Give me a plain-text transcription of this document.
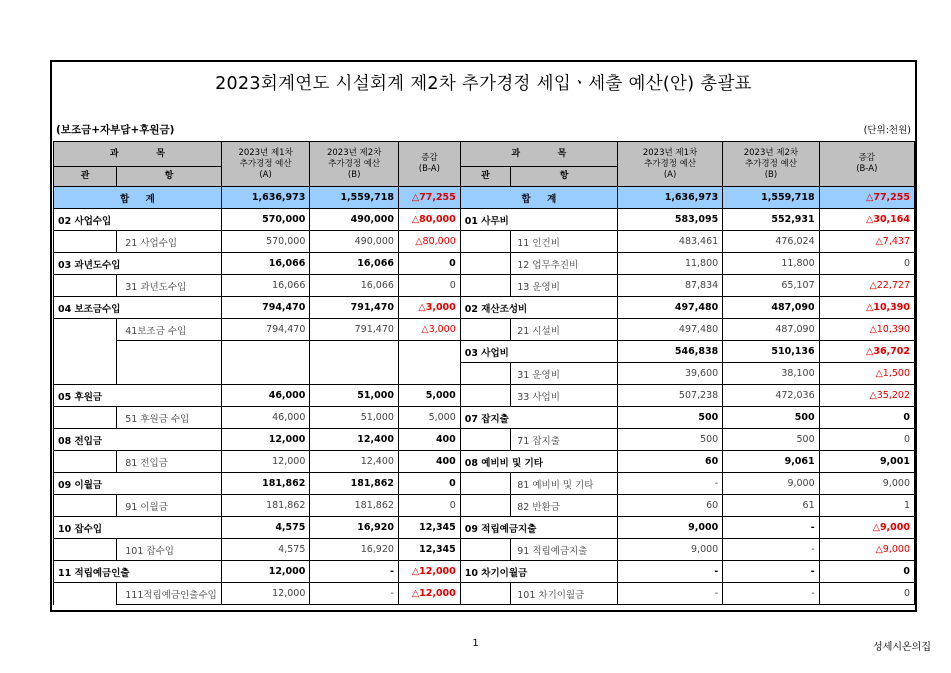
2023회계연도 시설회계 제2차 추가경정 세입ㆍ세출 예산(안) 총괄표
(보조금+자부담+후원금)	(단위:천원)
과 목		2023년 제1차
추가경정 예산
(A)	2023년 제2차
추가경정 예산
(B)	증감
(B-A)	과 목		2023년 제1차
추가경정 예산
(A)	2023년 제2차
추가경정 예산
(B)	증감
(B-A)
관	항				관	항			
합     계		1,636,973	1,559,718	△77,255	합     계		1,636,973	1,559,718	△77,255
02 사업수입		570,000	490,000	△80,000	01 사무비		583,095	552,931	△30,164
	21 사업수입	570,000	490,000	△80,000		11 인건비	483,461	476,024	△7,437
03 과년도수입		16,066	16,066	0		12 업무추진비	11,800	11,800	0
	31 과년도수입	16,066	16,066	0		13 운영비	87,834	65,107	△22,727
04 보조금수입		794,470	791,470	△3,000	02 재산조성비		497,480	487,090	△10,390
	41보조금 수입	794,470	791,470	△3,000		21 시설비	497,480	487,090	△10,390
					03 사업비		546,838	510,136	△36,702
						31 운영비	39,600	38,100	△1,500
05 후원금		46,000	51,000	5,000		33 사업비	507,238	472,036	△35,202
	51 후원금 수입	46,000	51,000	5,000	07 잡지출		500	500	0
08 전입금		12,000	12,400	400		71 잡지출	500	500	0
	81 전입금	12,000	12,400	400	08 예비비 및 기타		60	9,061	9,001
09 이월금		181,862	181,862	0		81 예비비 및 기타	-	9,000	9,000
	91 이월금	181,862	181,862	0		82 반환금	60	61	1
10 잡수입		4,575	16,920	12,345	09 적립예금지출		9,000	-	△9,000
	101 잡수입	4,575	16,920	12,345		91 적립예금지출	9,000	-	△9,000
11 적립예금인출		12,000	-	△12,000	10 차기이월금		-	-	0
	111적립예금인출수입	12,000	-	△12,000		101 차기이월금	-	-	0
1	성세시온의집
